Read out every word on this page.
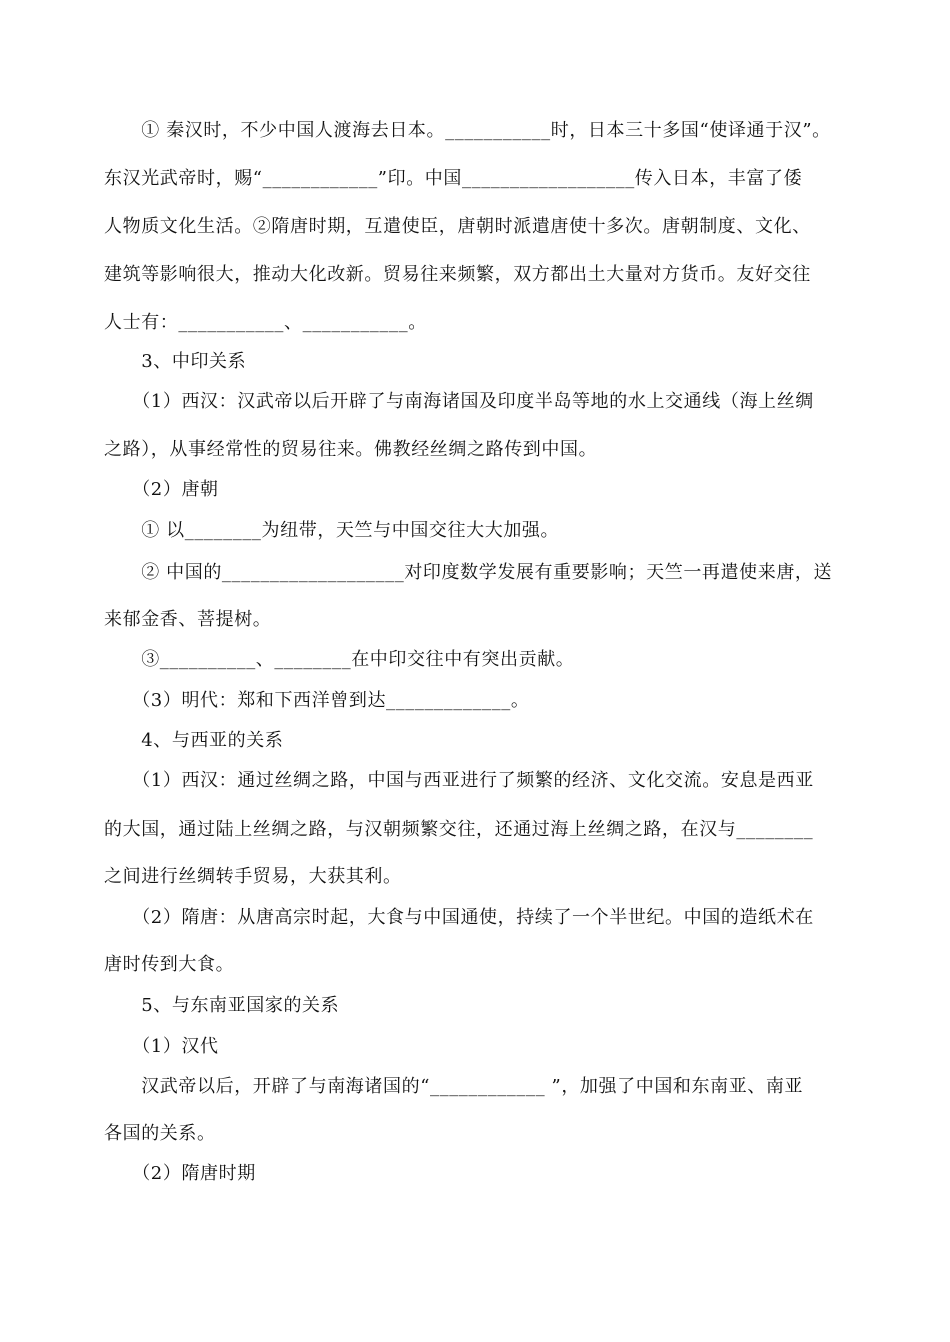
　　① 秦汉时，不少中国人渡海去日本。___________时，日本三十多国“使译通于汉”。
东汉光武帝时，赐“____________”印。中国__________________传入日本，丰富了倭
人物质文化生活。②隋唐时期，互遣使臣，唐朝时派遣唐使十多次。唐朝制度、文化、
建筑等影响很大，推动大化改新。贸易往来频繁，双方都出土大量对方货币。友好交往
人士有：___________、___________。
　　3、中印关系
　　（1）西汉：汉武帝以后开辟了与南海诸国及印度半岛等地的水上交通线（海上丝绸
之路），从事经常性的贸易往来。佛教经丝绸之路传到中国。
　　（2）唐朝
　　① 以________为纽带，天竺与中国交往大大加强。
　　② 中国的___________________对印度数学发展有重要影响；天竺一再遣使来唐，送
来郁金香、菩提树。
　　③__________、________在中印交往中有突出贡献。
　　（3）明代：郑和下西洋曾到达_____________。
　　4、与西亚的关系
　　（1）西汉：通过丝绸之路，中国与西亚进行了频繁的经济、文化交流。安息是西亚
的大国，通过陆上丝绸之路，与汉朝频繁交往，还通过海上丝绸之路，在汉与________
之间进行丝绸转手贸易，大获其利。
　　（2）隋唐：从唐高宗时起，大食与中国通使，持续了一个半世纪。中国的造纸术在
唐时传到大食。
　　5、与东南亚国家的关系
　　（1）汉代
　　汉武帝以后，开辟了与南海诸国的“____________ ”，加强了中国和东南亚、南亚
各国的关系。
　　（2）隋唐时期
